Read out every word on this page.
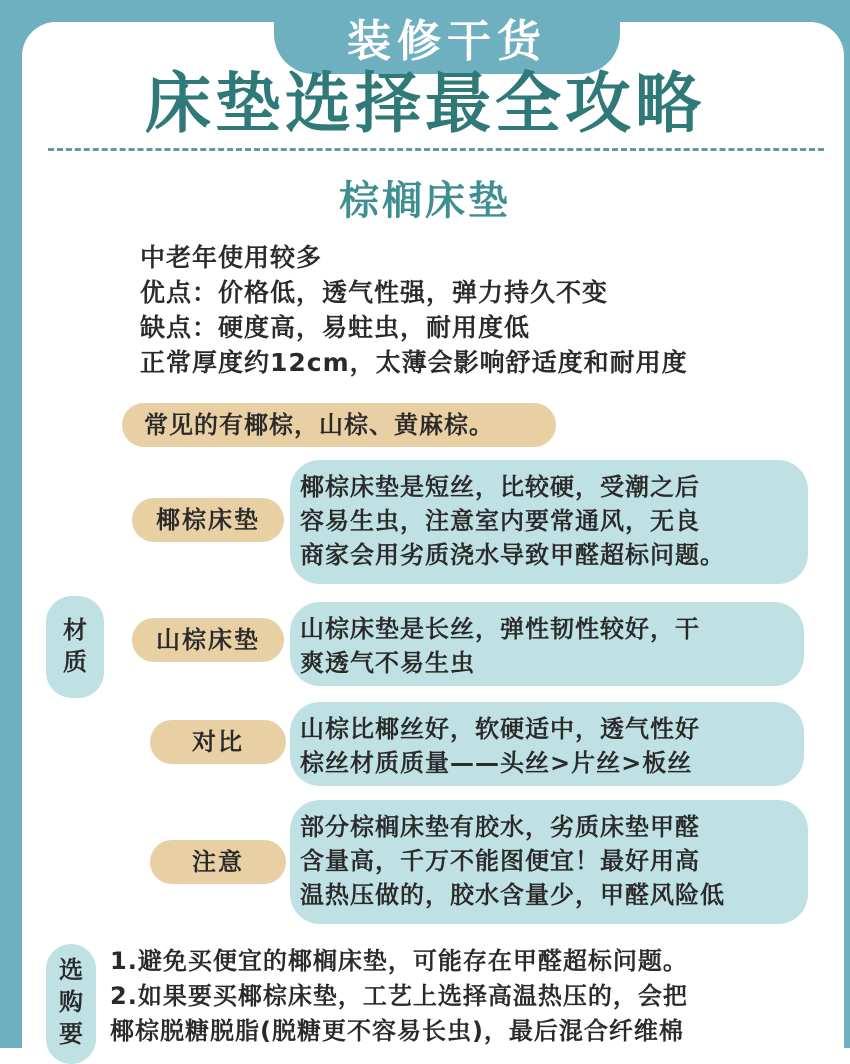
装修干货
床垫选择最全攻略
棕榈床垫
中老年使用较多
优点：价格低，透气性强，弹力持久不变
缺点：硬度高，易蛀虫，耐用度低
正常厚度约12cm，太薄会影响舒适度和耐用度
常见的有椰棕，山棕、黄麻棕。
材
质
椰棕床垫
椰棕床垫是短丝，比较硬，受潮之后
容易生虫，注意室内要常通风，无良
商家会用劣质浇水导致甲醛超标问题。
山棕床垫	山棕床垫是长丝，弹性韧性较好，干
爽透气不易生虫
对比	山棕比椰丝好，软硬适中，透气性好
棕丝材质质量——头丝>片丝>板丝
注意
部分棕榈床垫有胶水，劣质床垫甲醛
含量高，千万不能图便宜！最好用高
温热压做的，胶水含量少，甲醛风险低
选
购
要
1.避免买便宜的椰榈床垫，可能存在甲醛超标问题。
2.如果要买椰棕床垫，工艺上选择高温热压的，会把
椰棕脱糖脱脂(脱糖更不容易长虫)，最后混合纤维棉
